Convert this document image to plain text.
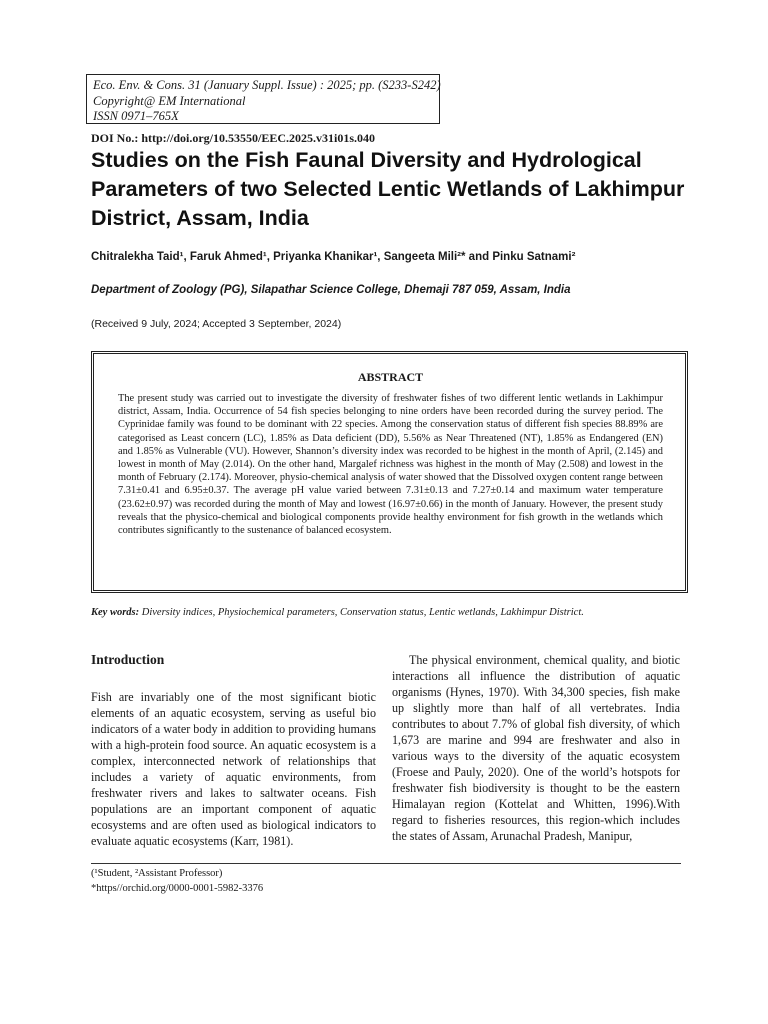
Eco. Env. & Cons. 31 (January Suppl. Issue) : 2025; pp. (S233-S242)
Copyright@ EM International
ISSN 0971–765X
DOI No.: http://doi.org/10.53550/EEC.2025.v31i01s.040
Studies on the Fish Faunal Diversity and Hydrological Parameters of two Selected Lentic Wetlands of Lakhimpur District, Assam, India
Chitralekha Taid¹, Faruk Ahmed¹, Priyanka Khanikar¹, Sangeeta Mili²* and Pinku Satnami²
Department of Zoology (PG), Silapathar Science College, Dhemaji 787 059, Assam, India
(Received 9 July, 2024; Accepted 3 September, 2024)
ABSTRACT

The present study was carried out to investigate the diversity of freshwater fishes of two different lentic wetlands in Lakhimpur district, Assam, India. Occurrence of 54 fish species belonging to nine orders have been recorded during the survey period. The Cyprinidae family was found to be dominant with 22 species. Among the conservation status of different fish species 88.89% are categorised as Least concern (LC), 1.85% as Data deficient (DD), 5.56% as Near Threatened (NT), 1.85% as Endangered (EN) and 1.85% as Vulnerable (VU). However, Shannon’s diversity index was recorded to be highest in the month of April, (2.145) and lowest in month of May (2.014). On the other hand, Margalef richness was highest in the month of May (2.508) and lowest in the month of February (2.174). Moreover, physio-chemical analysis of water showed that the Dissolved oxygen content range between 7.31±0.41 and 6.95±0.37. The average pH value varied between 7.31±0.13 and 7.27±0.14 and maximum water temperature (23.62±0.97) was recorded during the month of May and lowest (16.97±0.66) in the month of January. However, the present study reveals that the physico-chemical and biological components provide healthy environment for fish growth in the wetlands which contributes significantly to the sustenance of balanced ecosystem.

Key words: Diversity indices, Physiochemical parameters, Conservation status, Lentic wetlands, Lakhimpur District.
Introduction

Fish are invariably one of the most significant biotic elements of an aquatic ecosystem, serving as useful bio indicators of a water body in addition to providing humans with a high-protein food source. An aquatic ecosystem is a complex, interconnected network of relationships that includes a variety of aquatic environments, from freshwater rivers and lakes to saltwater oceans. Fish populations are an important component of aquatic ecosystems and are often used as biological indicators to evaluate aquatic ecosystems (Karr, 1981).

The physical environment, chemical quality, and biotic interactions all influence the distribution of aquatic organisms (Hynes, 1970). With 34,300 species, fish make up slightly more than half of all vertebrates. India contributes to about 7.7% of global fish diversity, of which 1,673 are marine and 994 are freshwater and also in various ways to the diversity of the aquatic ecosystem (Froese and Pauly, 2020). One of the world’s hotspots for freshwater fish biodiversity is thought to be the eastern Himalayan region (Kottelat and Whitten, 1996).With regard to fisheries resources, this region-which includes the states of Assam, Arunachal Pradesh, Manipur,

(¹Student, ²Assistant Professor)
*https//orchid.org/0000-0001-5982-3376
